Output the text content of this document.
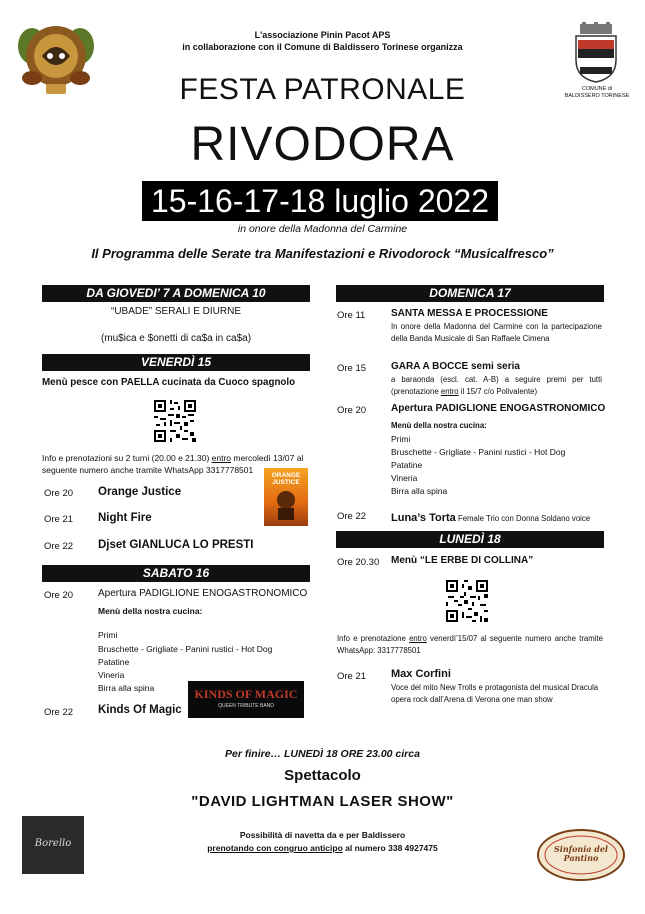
L'associazione Pinin Pacot APS
in collaborazione con il Comune di Baldissero Torinese organizza
COMUNE di
BALDISSERO TORINESE
FESTA PATRONALE
RIVODORA
15-16-17-18 luglio 2022
in onore della Madonna del Carmine
Il Programma delle Serate tra Manifestazioni e Rivodorock “Musicalfresco”
DA GIOVEDI’ 7 A DOMENICA 10
“UBADE” SERALI E DIURNE
(mu$ica e $onetti di ca$a in ca$a)
VENERDÌ 15
Menù pesce con PAELLA cucinata da Cuoco spagnolo
Info e prenotazioni su 2 turni (20.00 e 21.30) entro mercoledì 13/07 al seguente numero anche tramite WhatsApp 3317778501
Ore 20 Orange Justice
Ore 21 Night Fire
Ore 22 Djset GIANLUCA LO PRESTI
ORANGE JUSTICE
SABATO 16
Ore 20 Apertura PADIGLIONE ENOGASTRONOMICO
Menù della nostra cucina:
Primi
Bruschette - Grigliate - Panini rustici - Hot Dog
Patatine
Vineria
Birra alla spina	KINDS OF MAGIC
QUEEN TRIBUTE BAND
Ore 22 Kinds Of Magic
DOMENICA 17
Ore 11	SANTA MESSA E PROCESSIONE
In onore della Madonna del Carmine con la partecipazione della Banda Musicale di San Raffaele Cimena
Ore 15 GARA A BOCCE semi seria
a baraonda (escl. cat. A-B) a seguire premi per tutti (prenotazione entro il 15/7 c/o Polivalente)
Ore 20 Apertura PADIGLIONE ENOGASTRONOMICO
Menù della nostra cucina:
Primi
Bruschette - Grigliate - Panini rustici - Hot Dog
Patatine
Vineria
Birra alla spina
Ore 22 Luna’s Torta Female Trio con Donna Soldano voice
LUNEDÌ 18
Ore 20.30 Menù “LE ERBE DI COLLINA”
Info e prenotazione entro venerdì’15/07 al seguente numero anche tramite WhatsApp: 3317778501
Ore 21 Max Corfini
Voce del mito New Trolls e protagonista del musical Dracula opera rock dall’Arena di Verona one man show
Per finire… LUNEDÌ 18 ORE 23.00 circa
Spettacolo
"DAVID LIGHTMAN LASER SHOW"
Borello
Possibilità di navetta da e per Baldissero
prenotando con congruo anticipo al numero 338 4927475	Sinfonia del Pantino
